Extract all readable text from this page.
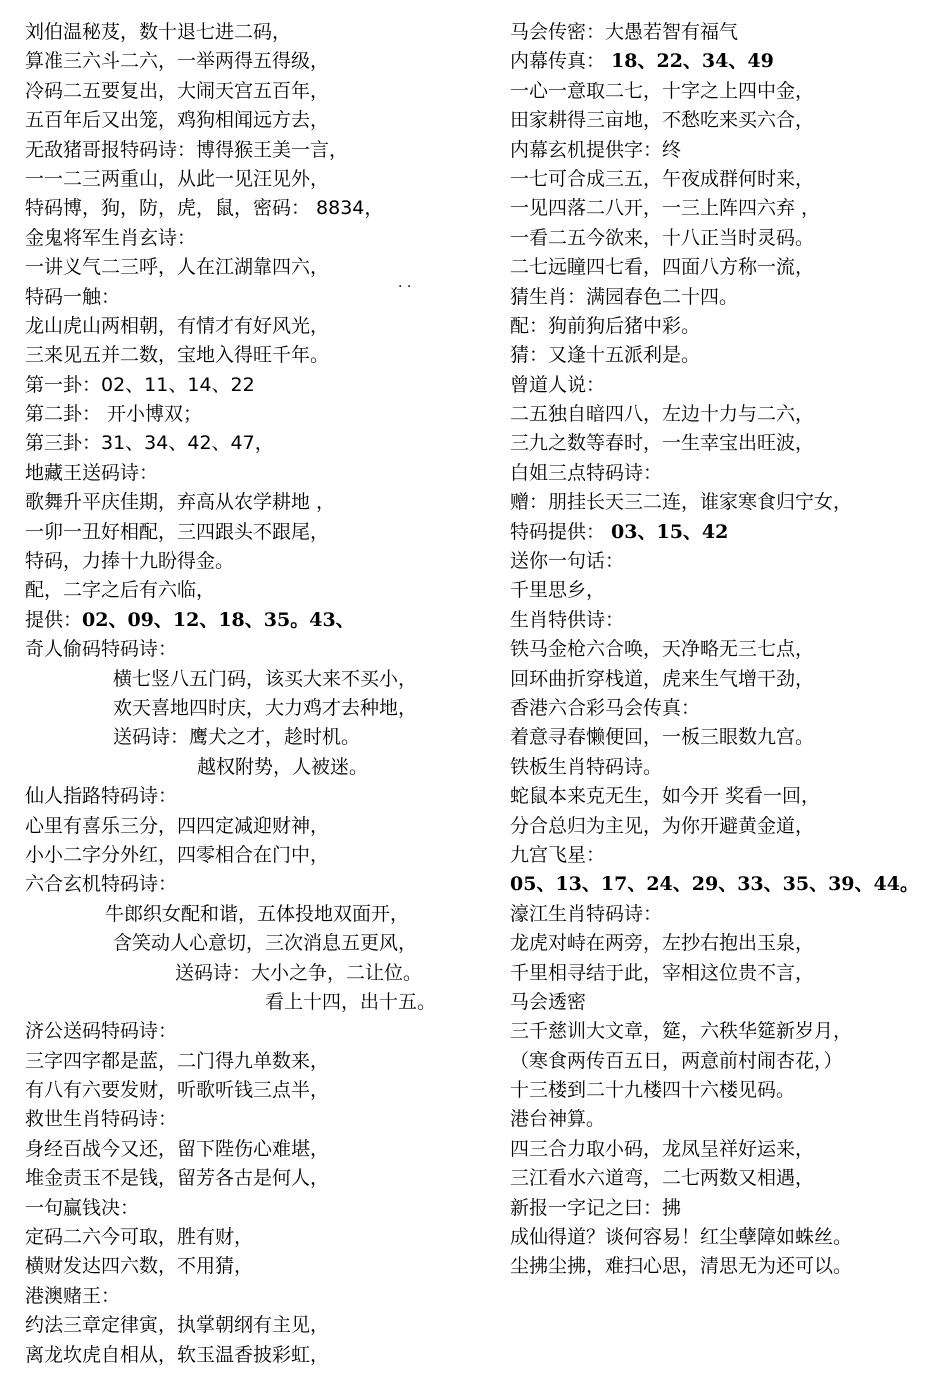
刘伯温秘芨，数十退七进二码，
算准三六斗二六，一举两得五得级，
冷码二五要复出，大闹天宫五百年，
五百年后又出笼，鸡狗相闻远方去，
无敌猪哥报特码诗：博得猴王美一言，
一一二三两重山，从此一见汪见外，
特码博，狗，防，虎，鼠，密码： 8834，
金鬼将军生肖玄诗：
一讲义气二三呼，人在江湖靠四六，
特码一触：
龙山虎山两相朝，有情才有好风光，
三来见五并二数，宝地入得旺千年。
第一卦：02、11、14、22
第二卦： 开小博双；
第三卦：31、34、42、47，
地藏王送码诗：
歌舞升平庆佳期，弃高从农学耕地 ，
一卯一丑好相配，三四跟头不跟尾，
特码，力捧十九盼得金。
配，二字之后有六临，
提供：02、09、12、18、35。43、
奇人偷码特码诗：
横七竖八五门码，该买大来不买小，
欢天喜地四时庆，大力鸡才去种地，
送码诗：鹰犬之才，趁时机。
越权附势，人被迷。
仙人指路特码诗：
心里有喜乐三分，四四定减迎财神，
小小二字分外红，四零相合在门中，
六合玄机特码诗：
牛郎织女配和谐，五体投地双面开，
含笑动人心意切，三次消息五更风，
送码诗：大小之争，二让位。
看上十四，出十五。
济公送码特码诗：
三字四字都是蓝，二门得九单数来，
有八有六要发财，听歌听钱三点半，
救世生肖特码诗：
身经百战今又还，留下陛伤心难堪，
堆金责玉不是钱，留芳各古是何人，
一句赢钱决：
定码二六今可取，胜有财，
横财发达四六数，不用猜，
港澳赌王：
约法三章定律寅，执掌朝纲有主见，
离龙坎虎自相从，软玉温香披彩虹，
马会传密：大愚若智有福气
内幕传真： 18、22、34、49
一心一意取二七，十字之上四中金，
田家耕得三亩地，不愁吃来买六合，
内幕玄机提供字：终
一七可合成三五，午夜成群何时来，
一见四落二八开，一三上阵四六弃 ，
一看二五今欲来，十八正当时灵码。
二七远瞳四七看，四面八方称一流，
猜生肖：满园春色二十四。
配：狗前狗后猪中彩。
猜：又逢十五派利是。
曾道人说：
二五独自暗四八，左边十力与二六，
三九之数等春时，一生幸宝出旺波，
白姐三点特码诗：
赠：朋挂长天三二连，谁家寒食归宁女，
特码提供： 03、15、42
送你一句话：
千里思乡，
生肖特供诗：
铁马金枪六合唤，天净略无三七点，
回环曲折穿栈道，虎来生气增干劲，
香港六合彩马会传真：
着意寻春懒便回，一板三眼数九宫。
铁板生肖特码诗。
蛇鼠本来克无生，如今开 奖看一回，
分合总归为主见，为你开避黄金道，
九宫飞星：
05、13、17、24、29、33、35、39、44。
濠江生肖特码诗：
龙虎对峙在两旁，左抄右抱出玉泉，
千里相寻结于此，宰相这位贵不言，
马会透密
三千慈训大文章，筵，六秩华筵新岁月，
（寒食两传百五日，两意前村闹杏花，）
十三楼到二十九楼四十六楼见码。
港台神算。
四三合力取小码，龙凤呈祥好运来，
三江看水六道弯，二七两数又相遇，
新报一字记之曰：拂
成仙得道？谈何容易！红尘孽障如蛛丝。
尘拂尘拂，难扫心思，清思无为还可以。
. .
